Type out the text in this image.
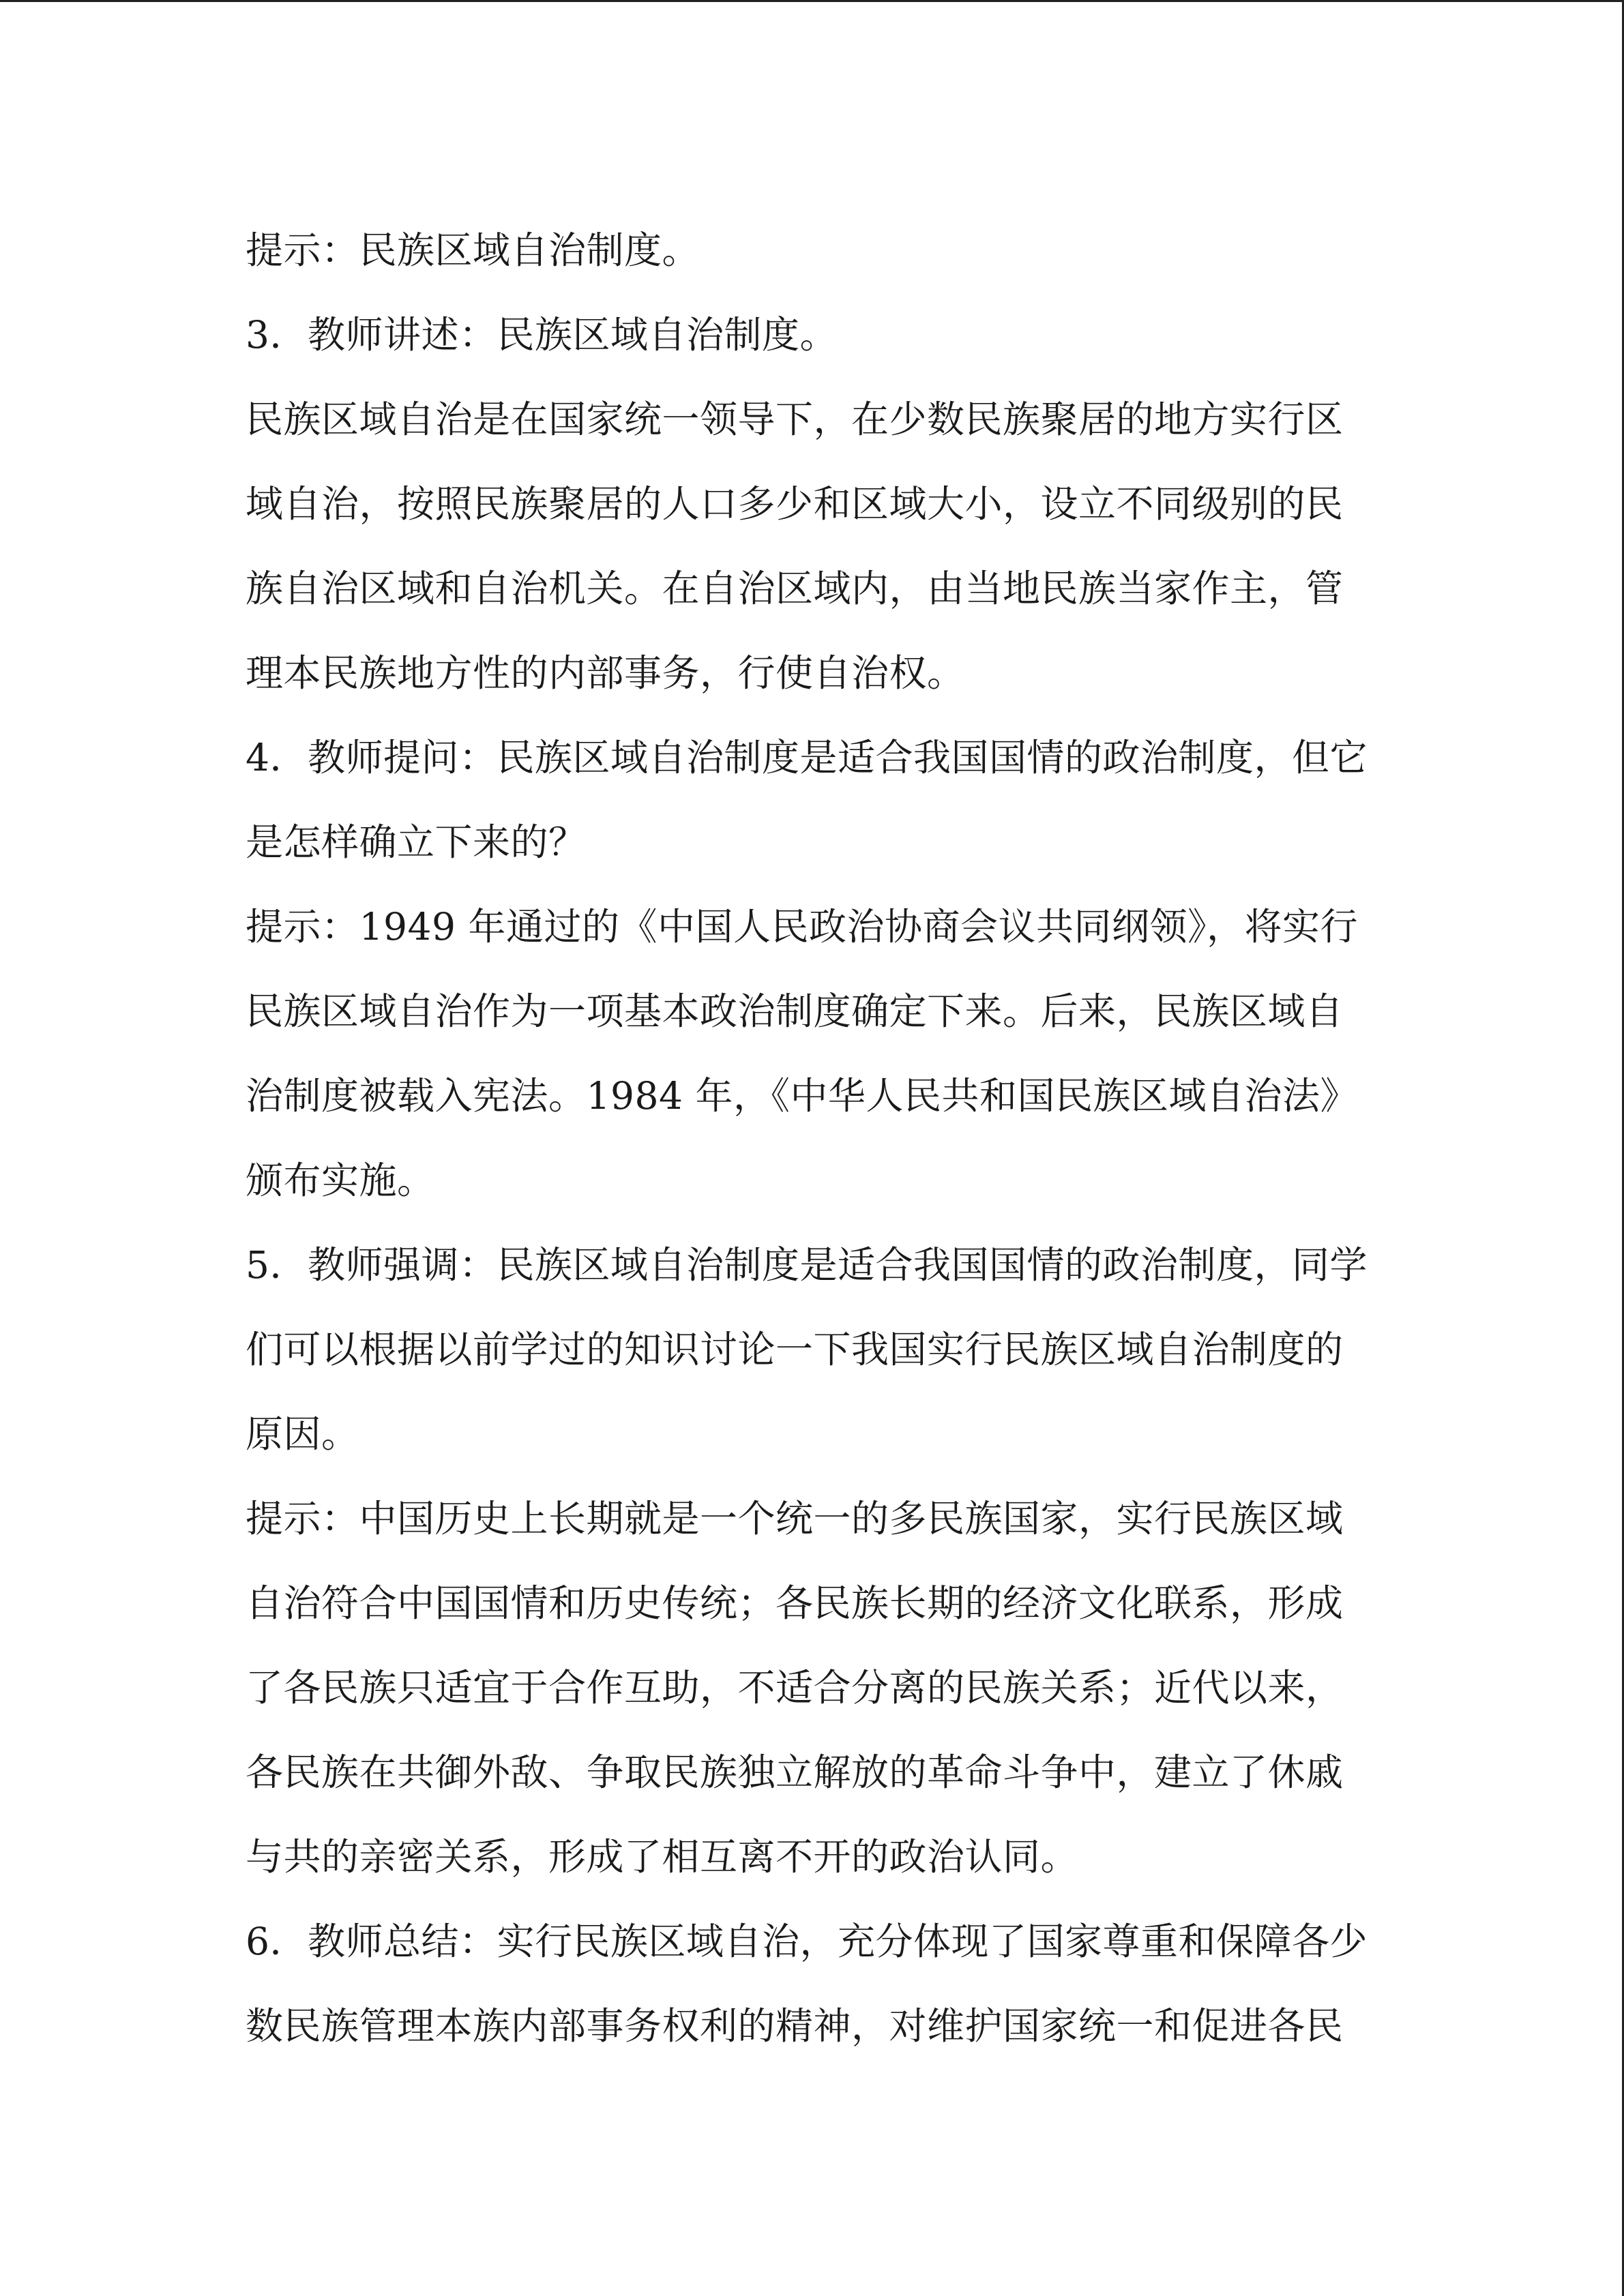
提示：民族区域自治制度。
3．教师讲述：民族区域自治制度。
民族区域自治是在国家统一领导下，在少数民族聚居的地方实行区
域自治，按照民族聚居的人口多少和区域大小，设立不同级别的民
族自治区域和自治机关。在自治区域内，由当地民族当家作主，管
理本民族地方性的内部事务，行使自治权。
4．教师提问：民族区域自治制度是适合我国国情的政治制度，但它
是怎样确立下来的？
提示：1949 年通过的《中国人民政治协商会议共同纲领》，将实行
民族区域自治作为一项基本政治制度确定下来。后来，民族区域自
治制度被载入宪法。1984 年，《中华人民共和国民族区域自治法》
颁布实施。
5．教师强调：民族区域自治制度是适合我国国情的政治制度，同学
们可以根据以前学过的知识讨论一下我国实行民族区域自治制度的
原因。
提示：中国历史上长期就是一个统一的多民族国家，实行民族区域
自治符合中国国情和历史传统；各民族长期的经济文化联系，形成
了各民族只适宜于合作互助，不适合分离的民族关系；近代以来，
各民族在共御外敌、争取民族独立解放的革命斗争中，建立了休戚
与共的亲密关系，形成了相互离不开的政治认同。
6．教师总结：实行民族区域自治，充分体现了国家尊重和保障各少
数民族管理本族内部事务权利的精神，对维护国家统一和促进各民
